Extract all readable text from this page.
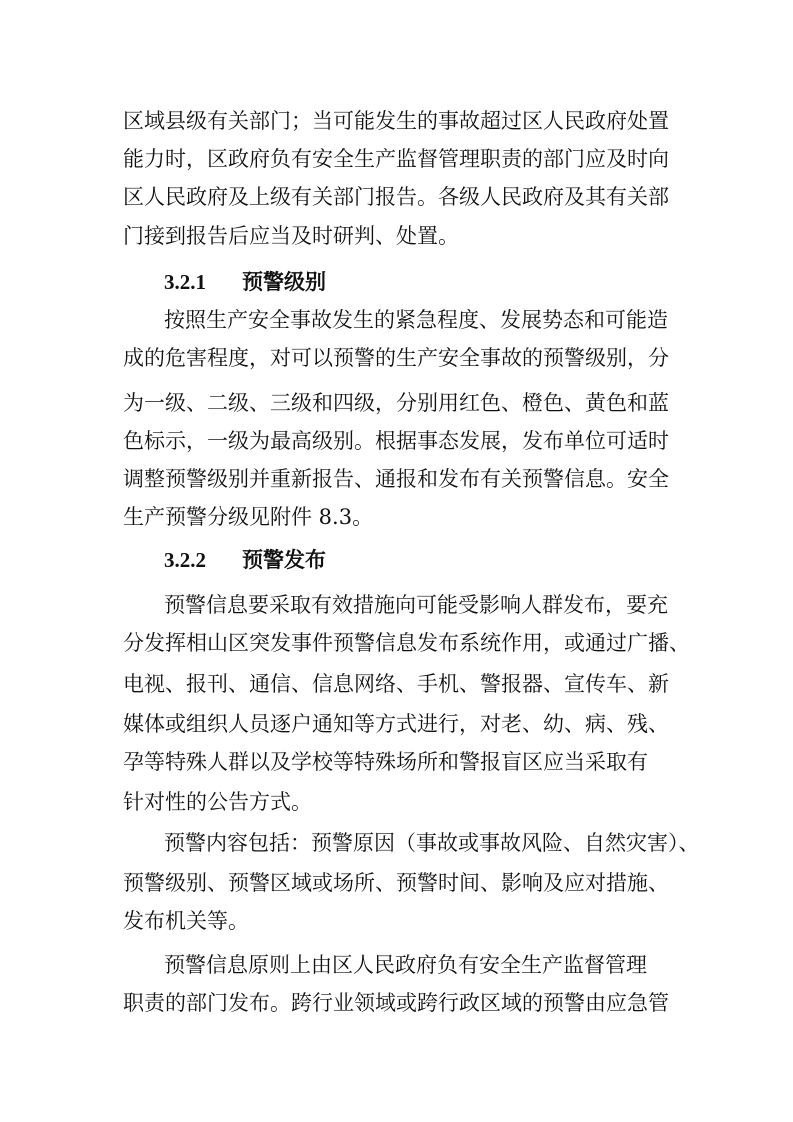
区域县级有关部门；当可能发生的事故超过区人民政府处置
能力时，区政府负有安全生产监督管理职责的部门应及时向
区人民政府及上级有关部门报告。各级人民政府及其有关部
门接到报告后应当及时研判、处置。
3.2.1 预警级别
按照生产安全事故发生的紧急程度、发展势态和可能造
成的危害程度，对可以预警的生产安全事故的预警级别，分
为一级、二级、三级和四级，分别用红色、橙色、黄色和蓝
色标示，一级为最高级别。根据事态发展，发布单位可适时
调整预警级别并重新报告、通报和发布有关预警信息。安全
生产预警分级见附件 8.3。
3.2.2 预警发布
预警信息要采取有效措施向可能受影响人群发布，要充
分发挥相山区突发事件预警信息发布系统作用，或通过广播、
电视、报刊、通信、信息网络、手机、警报器、宣传车、新
媒体或组织人员逐户通知等方式进行，对老、幼、病、残、
孕等特殊人群以及学校等特殊场所和警报盲区应当采取有
针对性的公告方式。
预警内容包括：预警原因（事故或事故风险、自然灾害）、
预警级别、预警区域或场所、预警时间、影响及应对措施、
发布机关等。
预警信息原则上由区人民政府负有安全生产监督管理
职责的部门发布。跨行业领域或跨行政区域的预警由应急管
